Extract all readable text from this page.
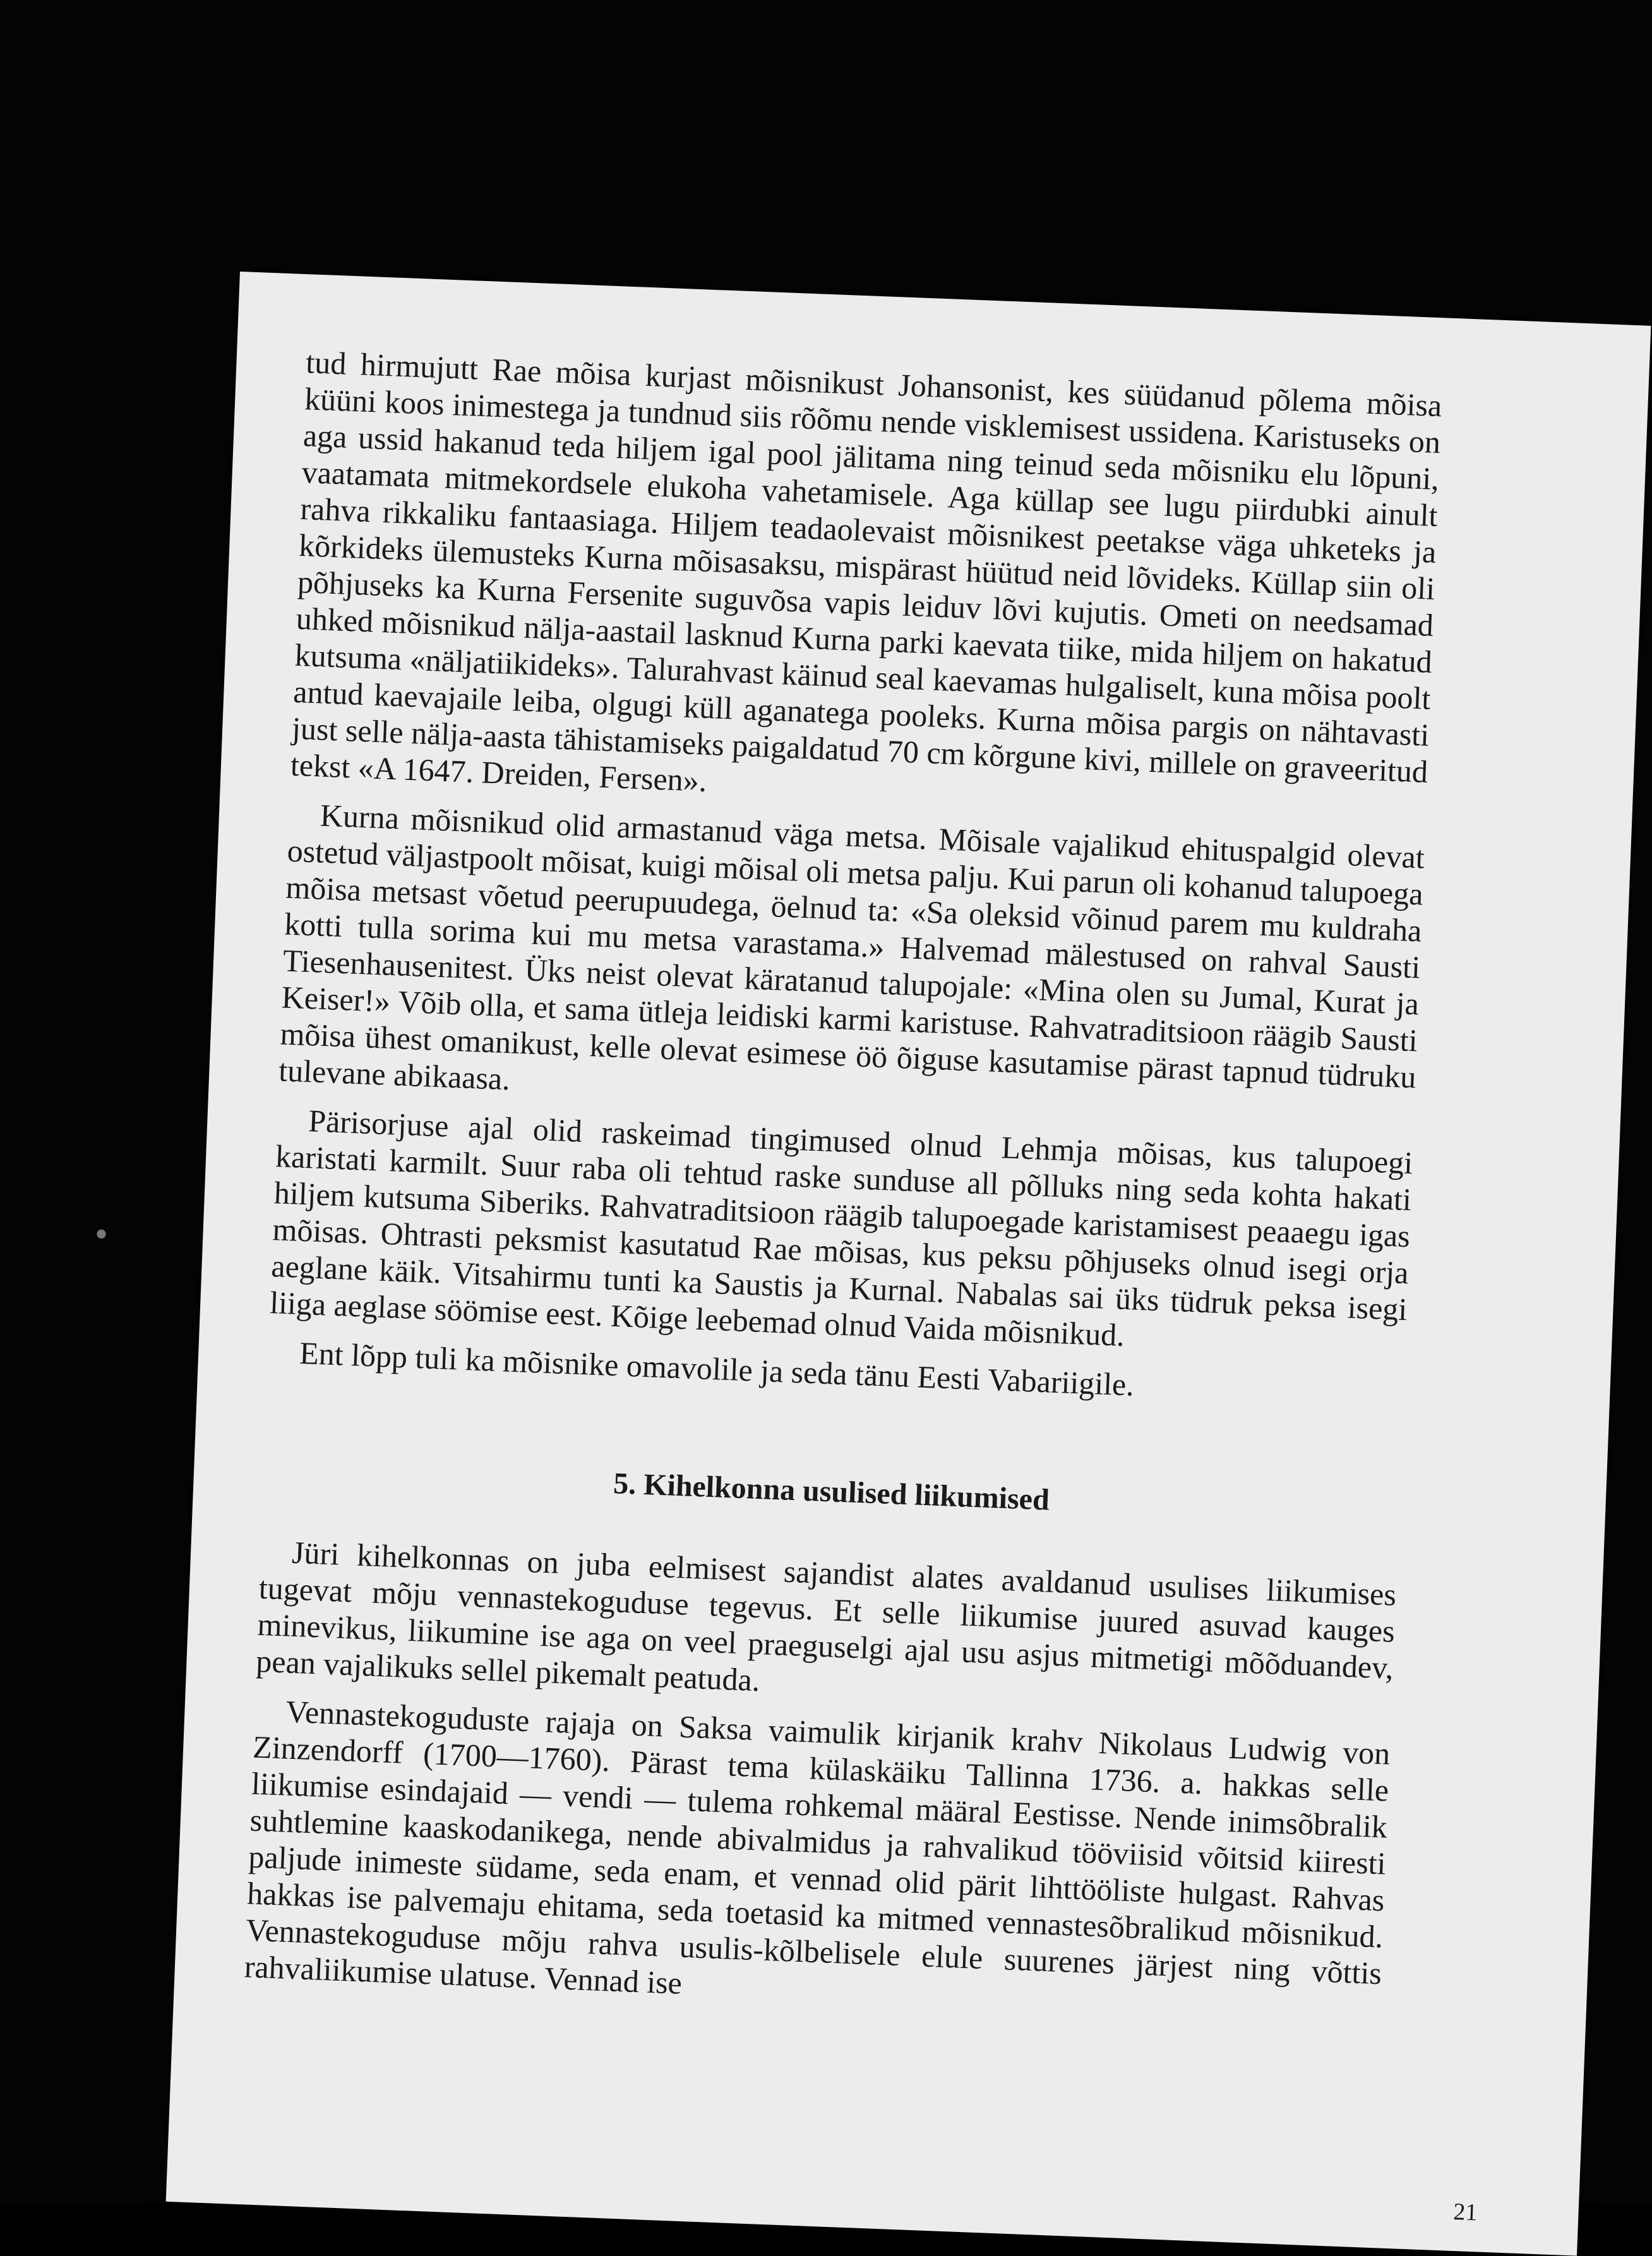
•

tud hirmujutt Rae mõisa kurjast mõisnikust Johansonist, kes süüdanud põlema mõisa küüni koos inimestega ja tundnud siis rõõmu nende visklemisest ussidena. Karistuseks on aga ussid hakanud teda hiljem igal pool jälitama ning teinud seda mõisniku elu lõpuni, vaatamata mitmekordsele elukoha vahetamisele. Aga küllap see lugu piirdubki ainult rahva rikkaliku fantaasiaga. Hiljem teadaolevaist mõisnikest peetakse väga uhketeks ja kõrkideks ülemusteks Kurna mõisasaksu, mispärast hüütud neid lõvideks. Küllap siin oli põhjuseks ka Kurna Fersenite suguvõsa vapis leiduv lõvi kujutis. Ometi on needsamad uhked mõisnikud nälja-aastail lasknud Kurna parki kaevata tiike, mida hiljem on hakatud kutsuma «näljatiikideks». Talurahvast käinud seal kaevamas hulgaliselt, kuna mõisa poolt antud kaevajaile leiba, olgugi küll aganatega pooleks. Kurna mõisa pargis on nähtavasti just selle nälja-aasta tähistamiseks paigaldatud 70 cm kõrgune kivi, millele on graveeritud tekst «A 1647. Dreiden, Fersen».

Kurna mõisnikud olid armastanud väga metsa. Mõisale vajalikud ehituspalgid olevat ostetud väljastpoolt mõisat, kuigi mõisal oli metsa palju. Kui parun oli kohanud talupoega mõisa metsast võetud peerupuudega, öelnud ta: «Sa oleksid võinud parem mu kuldraha kotti tulla sorima kui mu metsa varastama.» Halvemad mälestused on rahval Sausti Tiesenhausenitest. Üks neist olevat käratanud talupojale: «Mina olen su Jumal, Kurat ja Keiser!» Võib olla, et sama ütleja leidiski karmi karistuse. Rahvatraditsioon räägib Sausti mõisa ühest omanikust, kelle olevat esimese öö õiguse kasutamise pärast tapnud tüdruku tulevane abikaasa.

Pärisorjuse ajal olid raskeimad tingimused olnud Lehmja mõisas, kus talupoegi karistati karmilt. Suur raba oli tehtud raske sunduse all põlluks ning seda kohta hakati hiljem kutsuma Siberiks. Rahvatraditsioon räägib talupoegade karistamisest peaaegu igas mõisas. Ohtrasti peksmist kasutatud Rae mõisas, kus peksu põhjuseks olnud isegi orja aeglane käik. Vitsahirmu tunti ka Saustis ja Kurnal. Nabalas sai üks tüdruk peksa isegi liiga aeglase söömise eest. Kõige leebemad olnud Vaida mõisnikud.

Ent lõpp tuli ka mõisnike omavolile ja seda tänu Eesti Vabariigile.

5. Kihelkonna usulised liikumised

Jüri kihelkonnas on juba eelmisest sajandist alates avaldanud usulises liikumises tugevat mõju vennastekoguduse tegevus. Et selle liikumise juured asuvad kauges minevikus, liikumine ise aga on veel praeguselgi ajal usu asjus mitmetigi mõõduandev, pean vajalikuks sellel pikemalt peatuda.

Vennastekoguduste rajaja on Saksa vaimulik kirjanik krahv Nikolaus Ludwig von Zinzendorff (1700—1760). Pärast tema külaskäiku Tallinna 1736. a. hakkas selle liikumise esindajaid — vendi — tulema rohkemal määral Eestisse. Nende inimsõbralik suhtlemine kaaskodanikega, nende abivalmidus ja rahvalikud tööviisid võitsid kiiresti paljude inimeste südame, seda enam, et vennad olid pärit lihttööliste hulgast. Rahvas hakkas ise palvemaju ehitama, seda toetasid ka mitmed vennastesõbralikud mõisnikud. Vennastekoguduse mõju rahva usulis-kõlbelisele elule suurenes järjest ning võttis rahvaliikumise ulatuse. Vennad ise

21
